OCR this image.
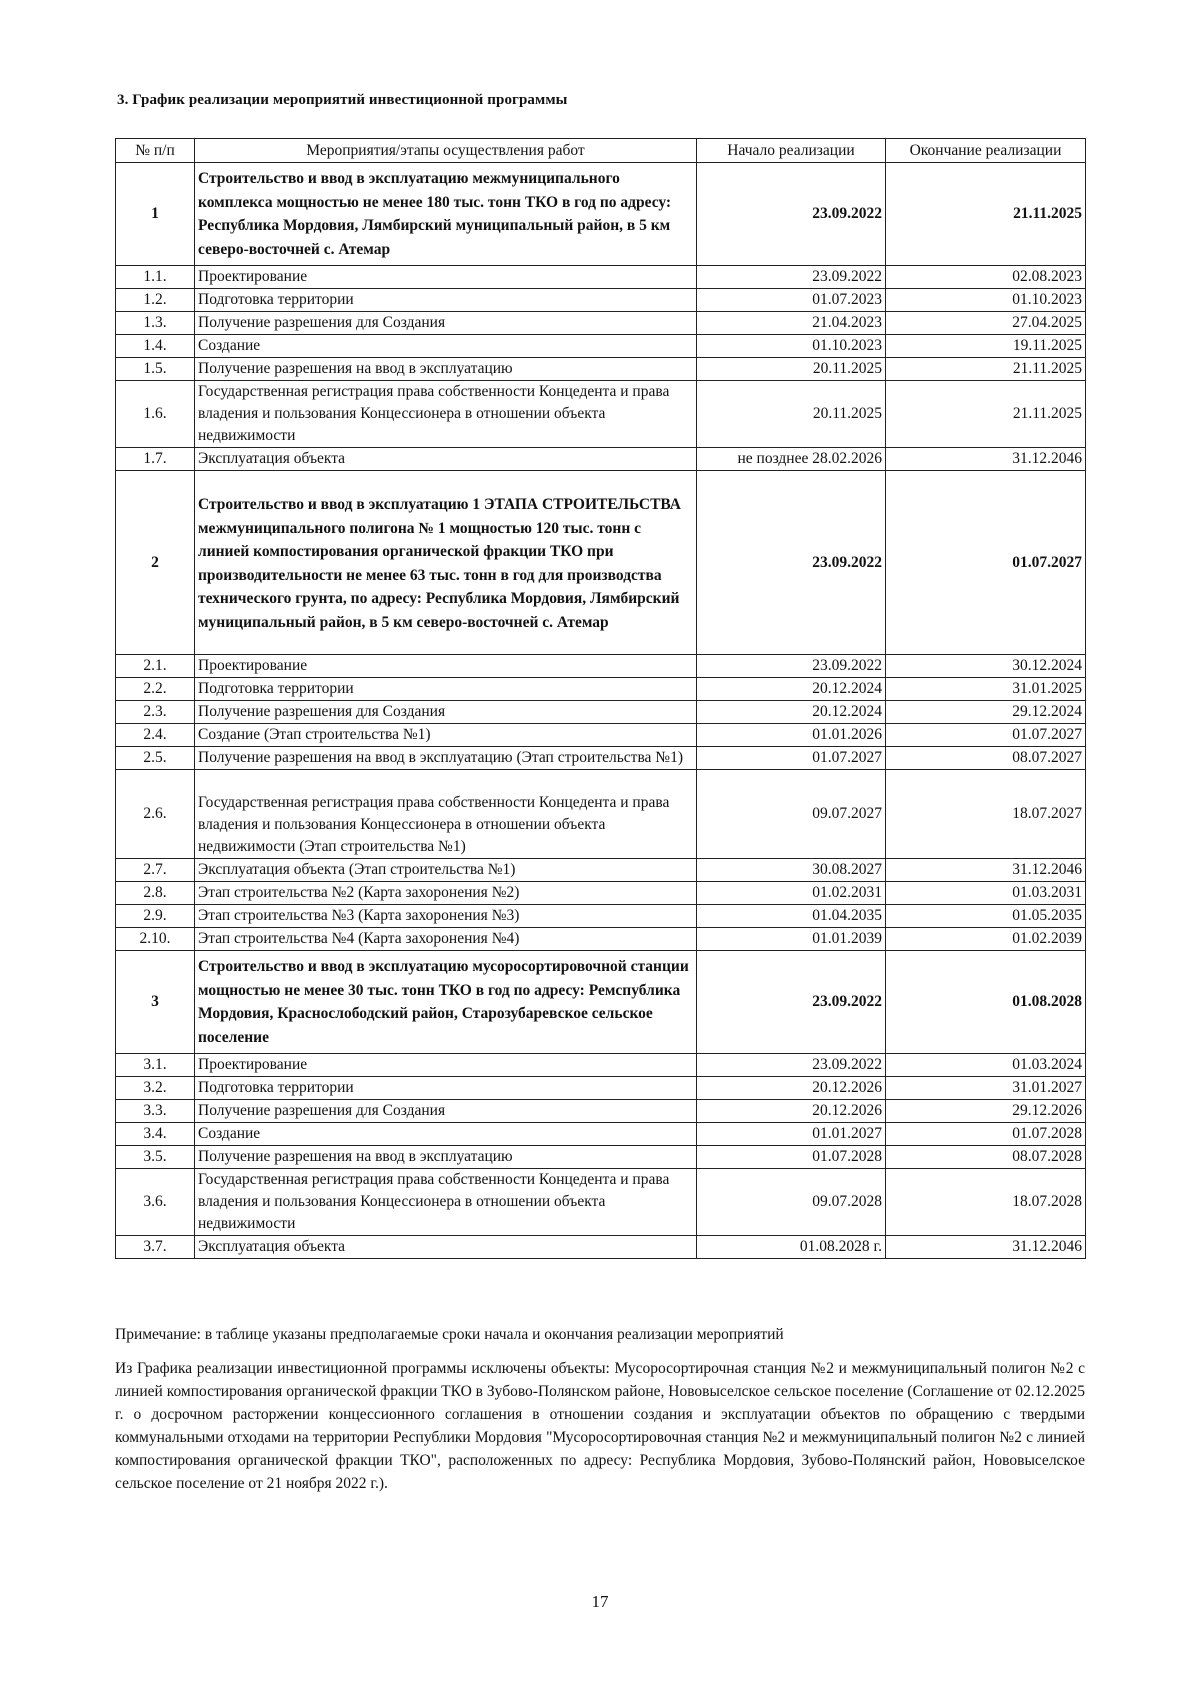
3. График реализации мероприятий инвестиционной программы
№ п/п	Мероприятия/этапы осуществления работ	Начало реализации	Окончание реализации
1	Строительство и ввод в эксплуатацию межмуниципального комплекса мощностью не менее 180 тыс. тонн ТКО в год по адресу: Республика Мордовия, Лямбирский муниципальный район, в 5 км северо-восточней с. Атемар	23.09.2022	21.11.2025
1.1.	Проектирование	23.09.2022	02.08.2023
1.2.	Подготовка территории	01.07.2023	01.10.2023
1.3.	Получение разрешения для Создания	21.04.2023	27.04.2025
1.4.	Создание	01.10.2023	19.11.2025
1.5.	Получение разрешения на ввод в эксплуатацию	20.11.2025	21.11.2025
1.6.	Государственная регистрация права собственности Концедента и права владения и пользования Концессионера в отношении объекта недвижимости	20.11.2025	21.11.2025
1.7.	Эксплуатация объекта	не позднее 28.02.2026	31.12.2046
2	Строительство и ввод в эксплуатацию 1 ЭТАПА СТРОИТЕЛЬСТВА межмуниципального полигона № 1 мощностью 120 тыс. тонн с линией компостирования органической фракции ТКО при производительности не менее 63 тыс. тонн в год для производства технического грунта, по адресу: Республика Мордовия, Лямбирский муниципальный район, в 5 км северо-восточней с. Атемар	23.09.2022	01.07.2027
2.1.	Проектирование	23.09.2022	30.12.2024
2.2.	Подготовка территории	20.12.2024	31.01.2025
2.3.	Получение разрешения для Создания	20.12.2024	29.12.2024
2.4.	Создание (Этап строительства №1)	01.01.2026	01.07.2027
2.5.	Получение разрешения на ввод в эксплуатацию (Этап строительства №1)	01.07.2027	08.07.2027
2.6.	Государственная регистрация права собственности Концедента и права владения и пользования Концессионера в отношении объекта недвижимости (Этап строительства №1)	09.07.2027	18.07.2027
2.7.	Эксплуатация объекта (Этап строительства №1)	30.08.2027	31.12.2046
2.8.	Этап строительства №2 (Карта захоронения №2)	01.02.2031	01.03.2031
2.9.	Этап строительства №3 (Карта захоронения №3)	01.04.2035	01.05.2035
2.10.	Этап строительства №4 (Карта захоронения №4)	01.01.2039	01.02.2039
3	Строительство и ввод в эксплуатацию мусоросортировочной станции мощностью не менее 30 тыс. тонн ТКО в год по адресу: Ремспублика Мордовия, Краснослободский район, Старозубаревское сельское поселение	23.09.2022	01.08.2028
3.1.	Проектирование	23.09.2022	01.03.2024
3.2.	Подготовка территории	20.12.2026	31.01.2027
3.3.	Получение разрешения для Создания	20.12.2026	29.12.2026
3.4.	Создание	01.01.2027	01.07.2028
3.5.	Получение разрешения на ввод в эксплуатацию	01.07.2028	08.07.2028
3.6.	Государственная регистрация права собственности Концедента и права владения и пользования Концессионера в отношении объекта недвижимости	09.07.2028	18.07.2028
3.7.	Эксплуатация объекта	01.08.2028 г.	31.12.2046
Примечание: в таблице указаны предполагаемые сроки начала и окончания реализации мероприятий
Из Графика реализации инвестиционной программы исключены объекты: Мусоросортирочная станция №2 и межмуниципальный полигон №2 с линией компостирования органической фракции ТКО в Зубово-Полянском районе, Нововыселское сельское поселение (Соглашение от 02.12.2025 г. о досрочном расторжении концессионного соглашения в отношении создания и эксплуатации объектов по обращению с твердыми коммунальными отходами на территории Республики Мордовия "Мусоросортировочная станция №2 и межмуниципальный полигон №2 с линией компостирования органической фракции ТКО", расположенных по адресу: Республика Мордовия, Зубово-Полянский район, Нововыселское сельское поселение от 21 ноября 2022 г.).
17
